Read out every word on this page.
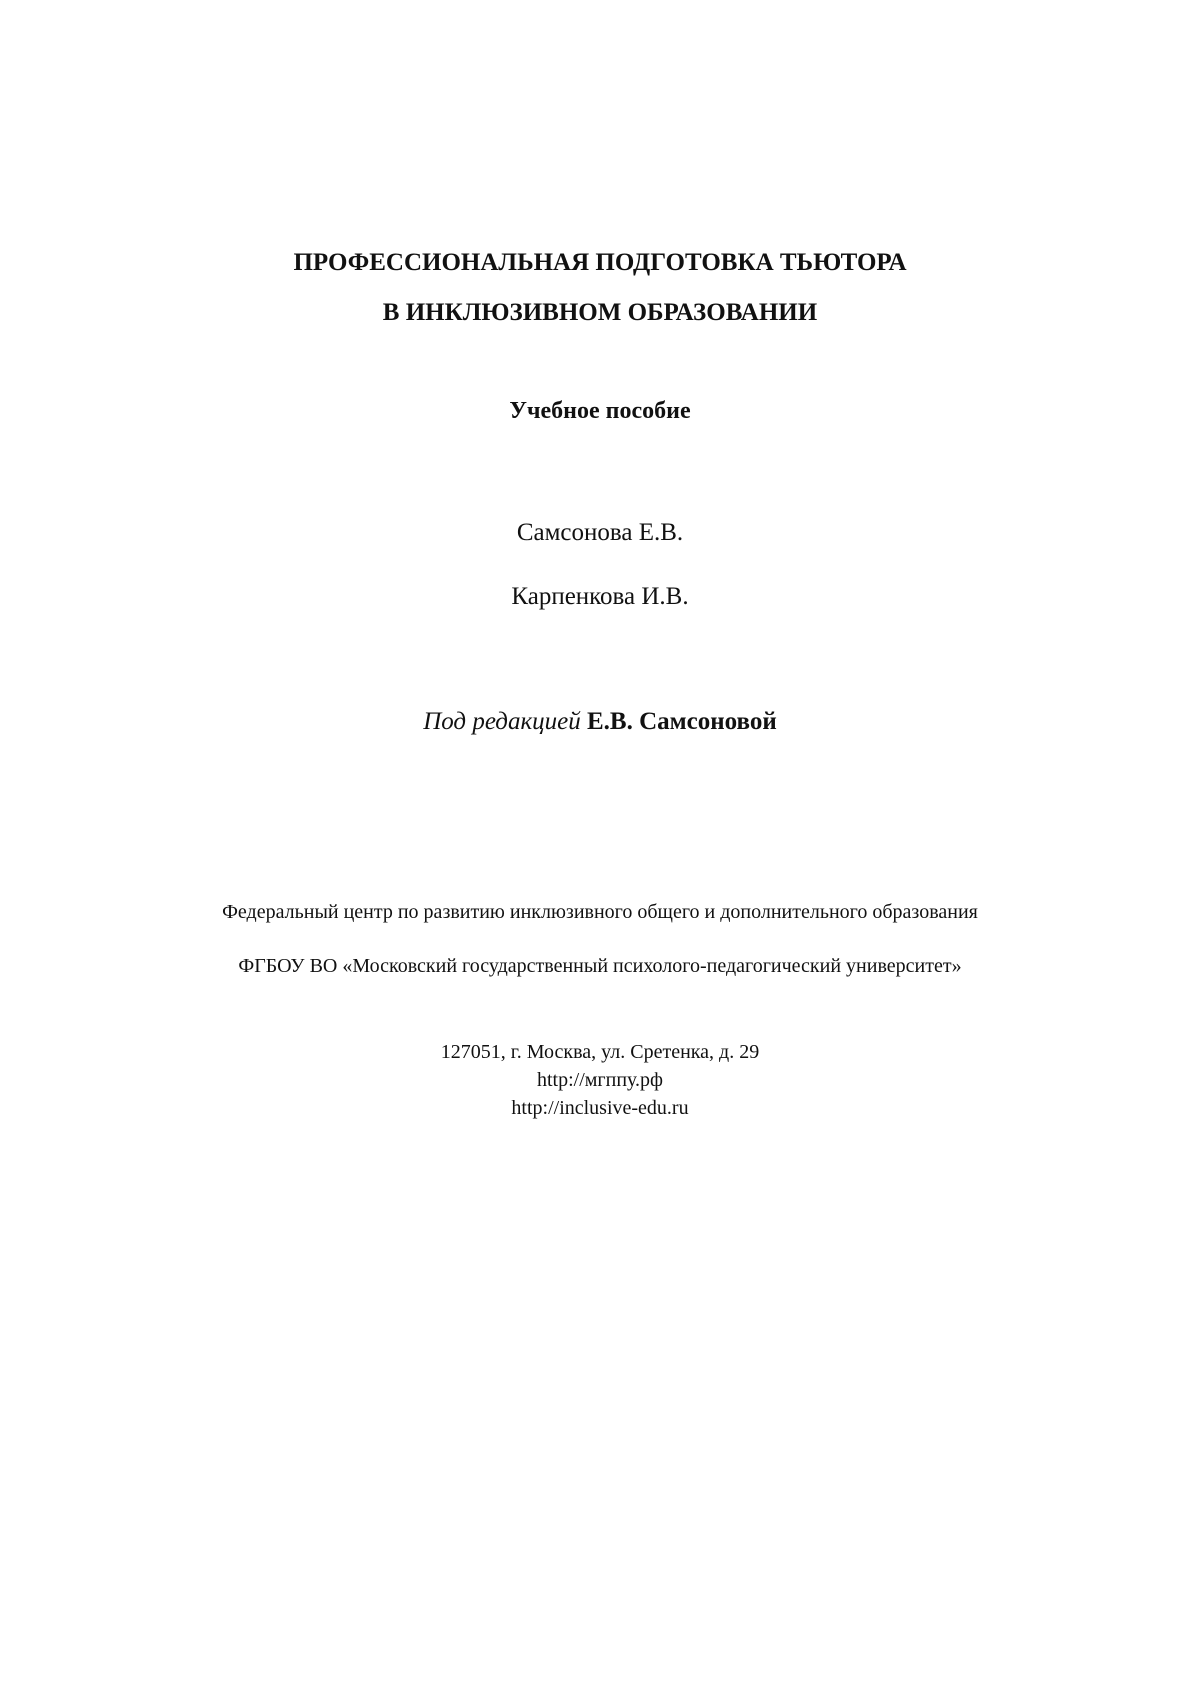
ПРОФЕССИОНАЛЬНАЯ ПОДГОТОВКА ТЬЮТОРА
В ИНКЛЮЗИВНОМ ОБРАЗОВАНИИ
Учебное пособие
Самсонова Е.В.
Карпенкова И.В.
Под редакцией Е.В. Самсоновой
Федеральный центр по развитию инклюзивного общего и дополнительного образования
ФГБОУ ВО «Московский государственный психолого-педагогический университет»
127051, г. Москва, ул. Сретенка, д. 29
http://мгппу.рф
http://inclusive-edu.ru
